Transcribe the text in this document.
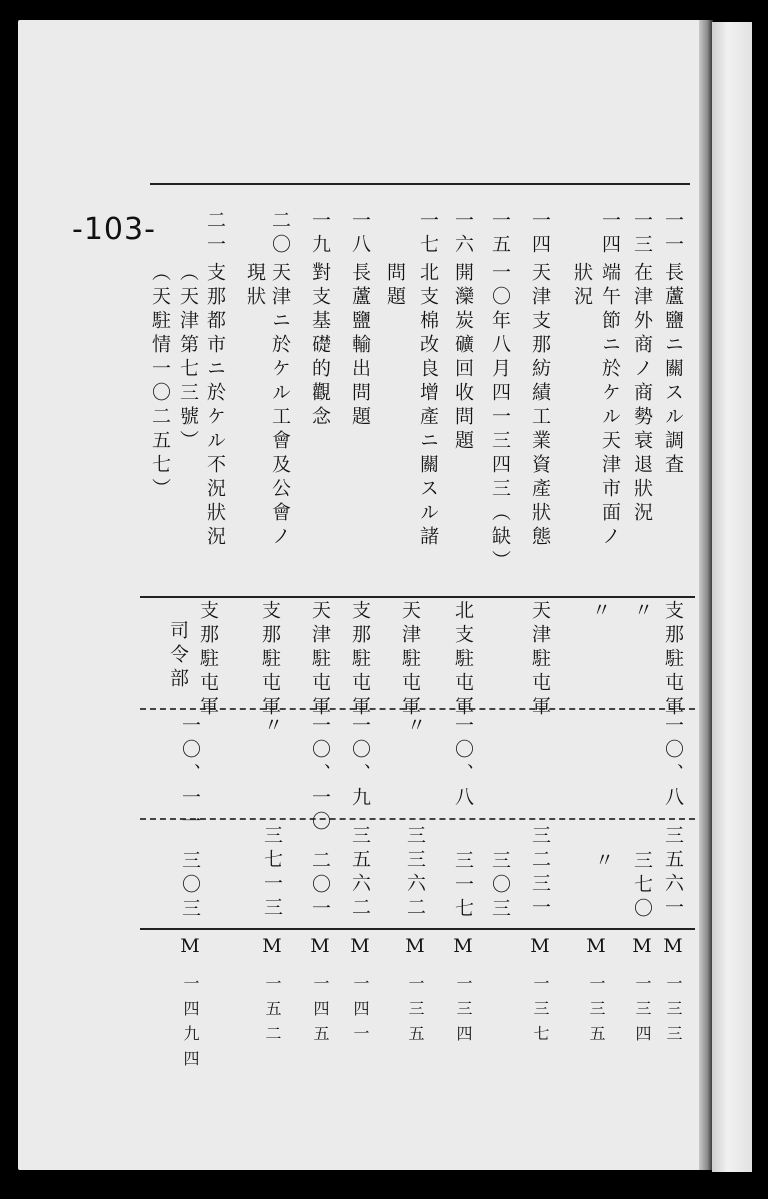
-103-	一一
長蘆鹽ニ關スル調査
支那駐屯軍
一〇、八
三五六一
M
一三三
一三
在津外商ノ商勢衰退狀況
〃
三七〇
M
一三四
一四
端午節ニ於ケル天津市面ノ
狀況
〃
〃
M
一三五
一四
天津支那紡績工業資產狀態
天津駐屯軍
三二三一
M
一三七
一五
一〇年八月四一三四三（缺）
三〇三
一六
開灤炭礦回收問題
北支駐屯軍
一〇、八
三一七
M
一三四
一七
北支棉改良增產ニ關スル諸
問題
天津駐屯軍
〃
三三六二
M
一三五
一八
長蘆鹽輸出問題
支那駐屯軍
一〇、九
三五六二
M
一四一
一九
對支基礎的觀念
天津駐屯軍
一〇、一〇
二〇一
M
一四五
二〇
天津ニ於ケル工會及公會ノ
現狀
支那駐屯軍
〃
三七一三
M
一五二
二一
支那都市ニ於ケル不況狀況
（天津第七三號）
（天駐情一〇二五七）
支那駐屯軍
司令部
一〇、一一
三〇三
M
一四九四
